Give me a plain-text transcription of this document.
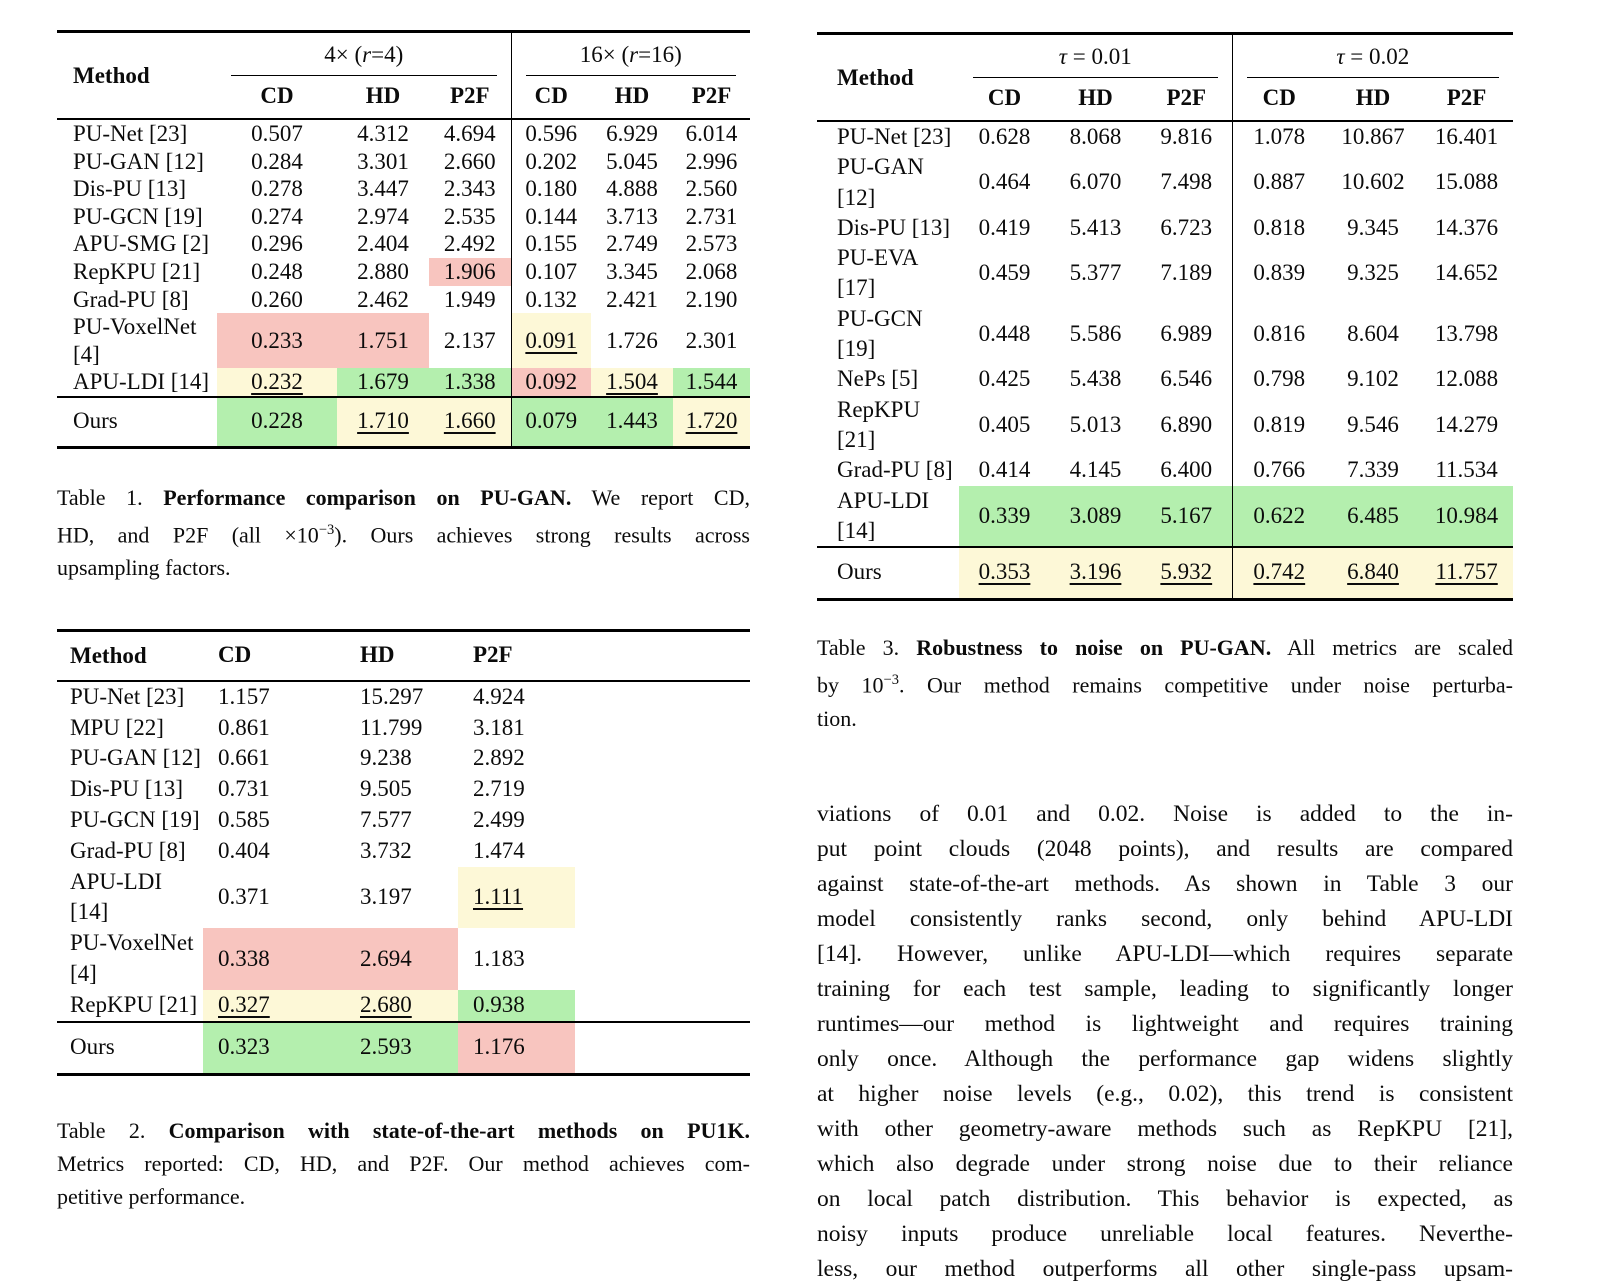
Method	4× (r=4)			16× (r=16)		

	CD	HD	P2F	CD	HD	P2F
PU-Net [23]	0.507	4.312	4.694	0.596	6.929	6.014
PU-GAN [12]	0.284	3.301	2.660	0.202	5.045	2.996
Dis-PU [13]	0.278	3.447	2.343	0.180	4.888	2.560
PU-GCN [19]	0.274	2.974	2.535	0.144	3.713	2.731
APU-SMG [2]	0.296	2.404	2.492	0.155	2.749	2.573
RepKPU [21]	0.248	2.880	1.906	0.107	3.345	2.068
Grad-PU [8]	0.260	2.462	1.949	0.132	2.421	2.190
PU-VoxelNet [4]	0.233	1.751	2.137	0.091	1.726	2.301
APU-LDI [14]	0.232	1.679	1.338	0.092	1.504	1.544
Ours	0.228	1.710	1.660	0.079	1.443	1.720
Table 1. Performance comparison on PU-GAN. We report CD,
HD, and P2F $(all \times 10^{-3})$. Ours achieves strong results across
upsampling factors.
Method	CD	HD	P2F	
PU-Net [23]	1.157	15.297	4.924	
MPU [22]	0.861	11.799	3.181	
PU-GAN [12]	0.661	9.238	2.892	
Dis-PU [13]	0.731	9.505	2.719	
PU-GCN [19]	0.585	7.577	2.499	
Grad-PU [8]	0.404	3.732	1.474	
APU-LDI [14]	0.371	3.197	1.111	
PU-VoxelNet [4]	0.338	2.694	1.183	
RepKPU [21]	0.327	2.680	0.938	
Ours	0.323	2.593	1.176	
Table 2. Comparison with state-of-the-art methods on PU1K.
Metrics reported: CD, HD, and P2F. Our method achieves com-
petitive performance.
Method	τ = 0.01			τ = 0.02		

	CD	HD	P2F	CD	HD	P2F
PU-Net [23]	0.628	8.068	9.816	1.078	10.867	16.401
PU-GAN [12]	0.464	6.070	7.498	0.887	10.602	15.088
Dis-PU [13]	0.419	5.413	6.723	0.818	9.345	14.376
PU-EVA [17]	0.459	5.377	7.189	0.839	9.325	14.652
PU-GCN [19]	0.448	5.586	6.989	0.816	8.604	13.798
NePs [5]	0.425	5.438	6.546	0.798	9.102	12.088
RepKPU [21]	0.405	5.013	6.890	0.819	9.546	14.279
Grad-PU [8]	0.414	4.145	6.400	0.766	7.339	11.534
APU-LDI [14]	0.339	3.089	5.167	0.622	6.485	10.984
Ours	0.353	3.196	5.932	0.742	6.840	11.757
Table 3. Robustness to noise on PU-GAN. All metrics are scaled
by $10^{-3}$. Our method remains competitive under noise perturba-
tion.
viations of 0.01 and 0.02. Noise is added to the in-
put point clouds (2048 points), and results are compared
against state-of-the-art methods. As shown in Table 3 our
model consistently ranks second, only behind APU-LDI
[14]. However, unlike APU-LDI—which requires separate
training for each test sample, leading to significantly longer
runtimes—our method is lightweight and requires training
only once. Although the performance gap widens slightly
at higher noise levels (e.g., 0.02), this trend is consistent
with other geometry-aware methods such as RepKPU [21],
which also degrade under strong noise due to their reliance
on local patch distribution. This behavior is expected, as
noisy inputs produce unreliable local features. Neverthe-
less, our method outperforms all other single-pass upsam-
